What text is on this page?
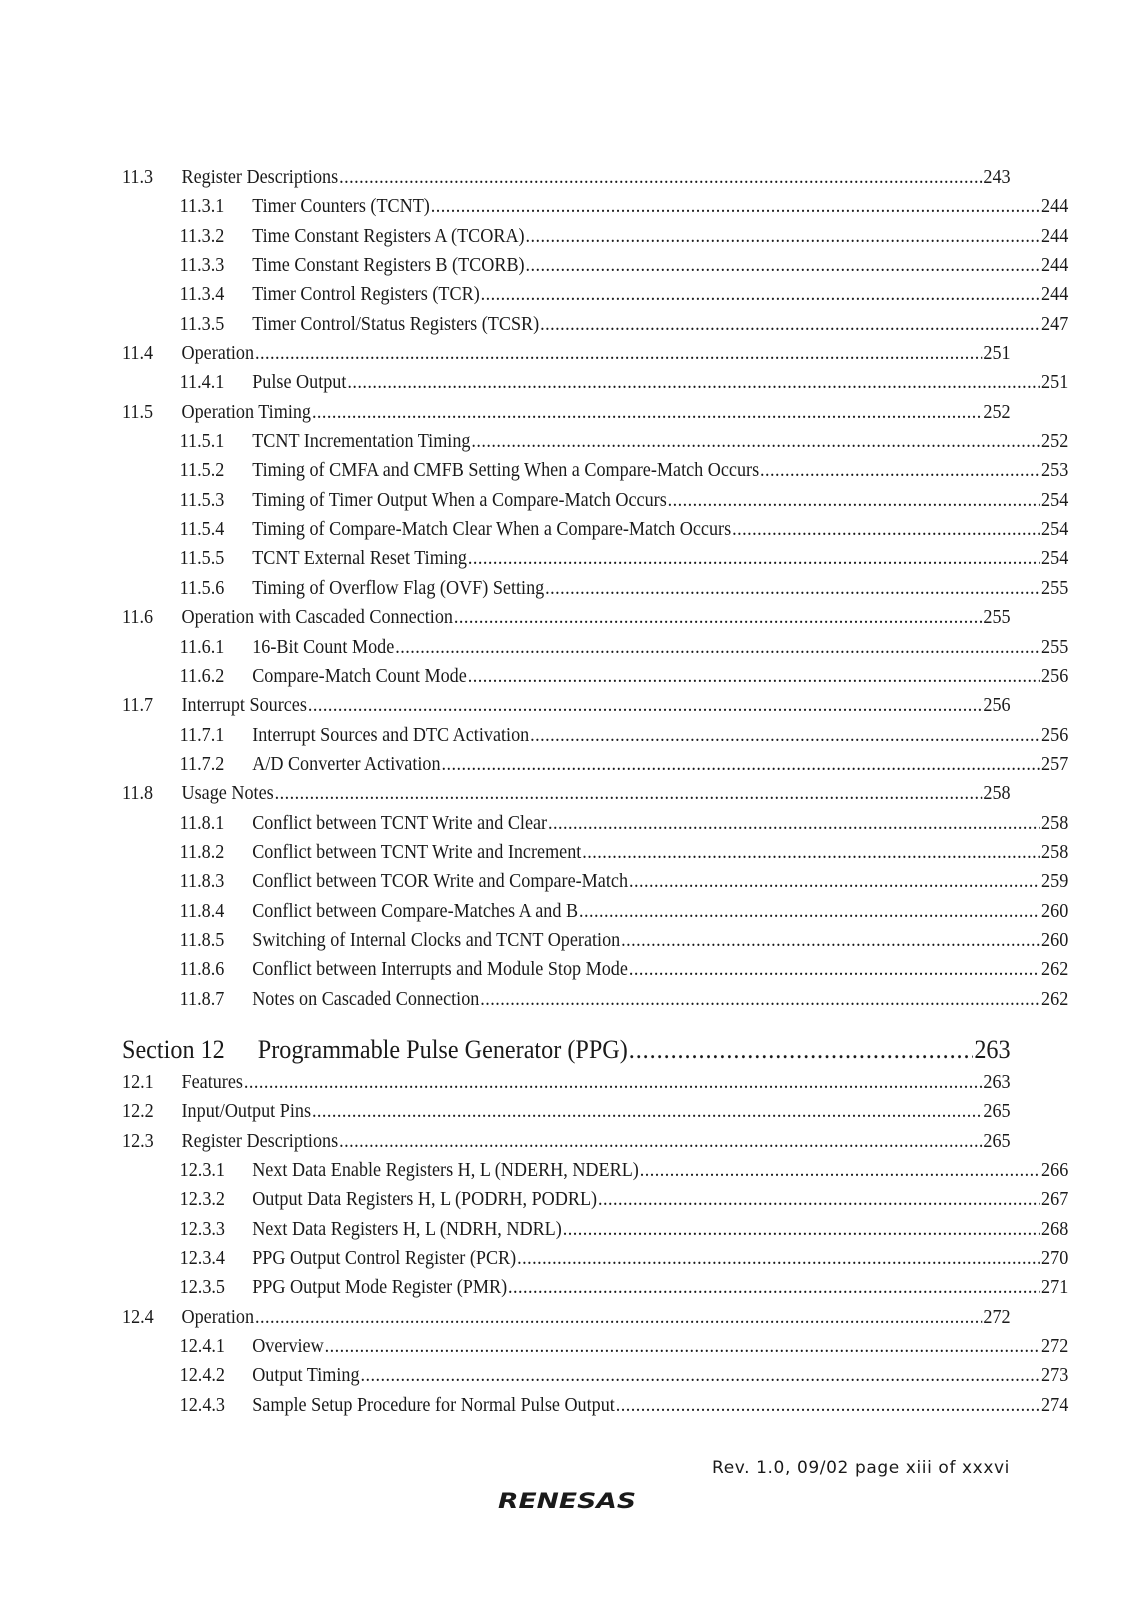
11.3	Register Descriptions .....	243
11.3.1	Timer Counters (TCNT) .....	244
11.3.2	Time Constant Registers A (TCORA) .....	244
11.3.3	Time Constant Registers B (TCORB) .....	244
11.3.4	Timer Control Registers (TCR) .....	244
11.3.5	Timer Control/Status Registers (TCSR) .....	247
11.4	Operation .....	251
11.4.1	Pulse Output .....	251
11.5	Operation Timing .....	252
11.5.1	TCNT Incrementation Timing .....	252
11.5.2	Timing of CMFA and CMFB Setting When a Compare-Match Occurs .....	253
11.5.3	Timing of Timer Output When a Compare-Match Occurs .....	254
11.5.4	Timing of Compare-Match Clear When a Compare-Match Occurs .....	254
11.5.5	TCNT External Reset Timing .....	254
11.5.6	Timing of Overflow Flag (OVF) Setting .....	255
11.6	Operation with Cascaded Connection .....	255
11.6.1	16-Bit Count Mode .....	255
11.6.2	Compare-Match Count Mode .....	256
11.7	Interrupt Sources .....	256
11.7.1	Interrupt Sources and DTC Activation .....	256
11.7.2	A/D Converter Activation .....	257
11.8	Usage Notes .....	258
11.8.1	Conflict between TCNT Write and Clear .....	258
11.8.2	Conflict between TCNT Write and Increment .....	258
11.8.3	Conflict between TCOR Write and Compare-Match .....	259
11.8.4	Conflict between Compare-Matches A and B .....	260
11.8.5	Switching of Internal Clocks and TCNT Operation .....	260
11.8.6	Conflict between Interrupts and Module Stop Mode .....	262
11.8.7	Notes on Cascaded Connection .....	262
Section 12	Programmable Pulse Generator (PPG) .....	263
12.1	Features .....	263
12.2	Input/Output Pins .....	265
12.3	Register Descriptions .....	265
12.3.1	Next Data Enable Registers H, L (NDERH, NDERL) .....	266
12.3.2	Output Data Registers H, L (PODRH, PODRL) .....	267
12.3.3	Next Data Registers H, L (NDRH, NDRL) .....	268
12.3.4	PPG Output Control Register (PCR) .....	270
12.3.5	PPG Output Mode Register (PMR) .....	271
12.4	Operation .....	272
12.4.1	Overview .....	272
12.4.2	Output Timing .....	273
12.4.3	Sample Setup Procedure for Normal Pulse Output .....	274
Rev. 1.0, 09/02 page xiii of xxxvi
RENESAS
